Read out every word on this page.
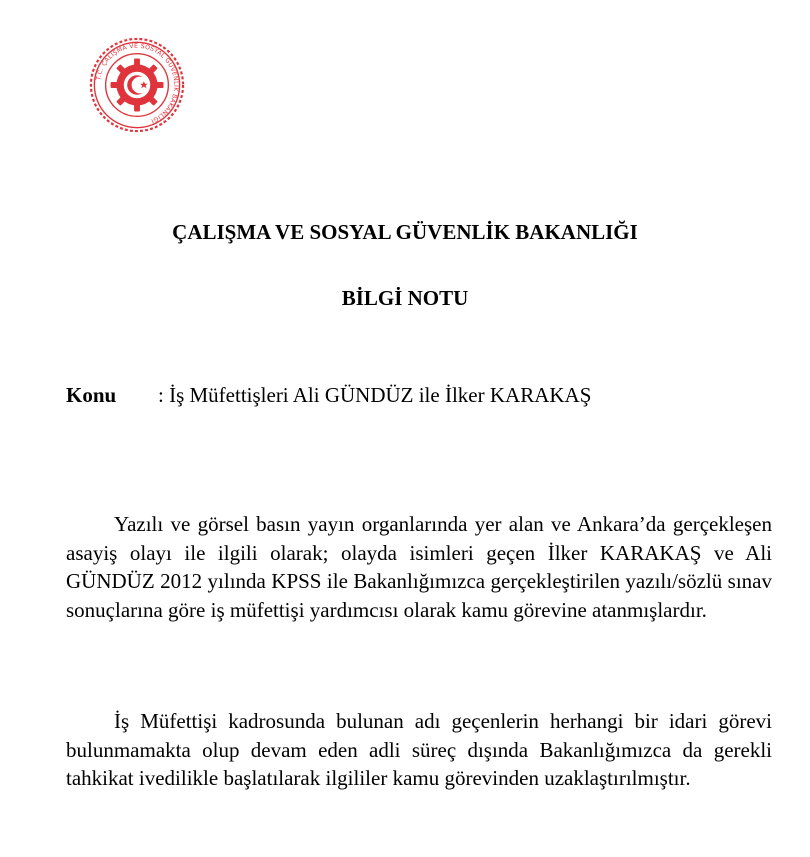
T.C. ÇALIŞMA VE SOSYAL GÜVENLİK BAKANLIĞI
ÇALIŞMA VE SOSYAL GÜVENLİK BAKANLIĞI
BİLGİ NOTU
Konu : İş Müfettişleri Ali GÜNDÜZ ile İlker KARAKAŞ

Yazılı ve görsel basın yayın organlarında yer alan ve Ankara’da gerçekleşen asayiş olayı ile ilgili olarak; olayda isimleri geçen İlker KARAKAŞ ve Ali GÜNDÜZ 2012 yılında KPSS ile Bakanlığımızca gerçekleştirilen yazılı/sözlü sınav sonuçlarına göre iş müfettişi yardımcısı olarak kamu görevine atanmışlardır.

İş Müfettişi kadrosunda bulunan adı geçenlerin herhangi bir idari görevi bulunmamakta olup devam eden adli süreç dışında Bakanlığımızca da gerekli tahkikat ivedilikle başlatılarak ilgililer kamu görevinden uzaklaştırılmıştır.
